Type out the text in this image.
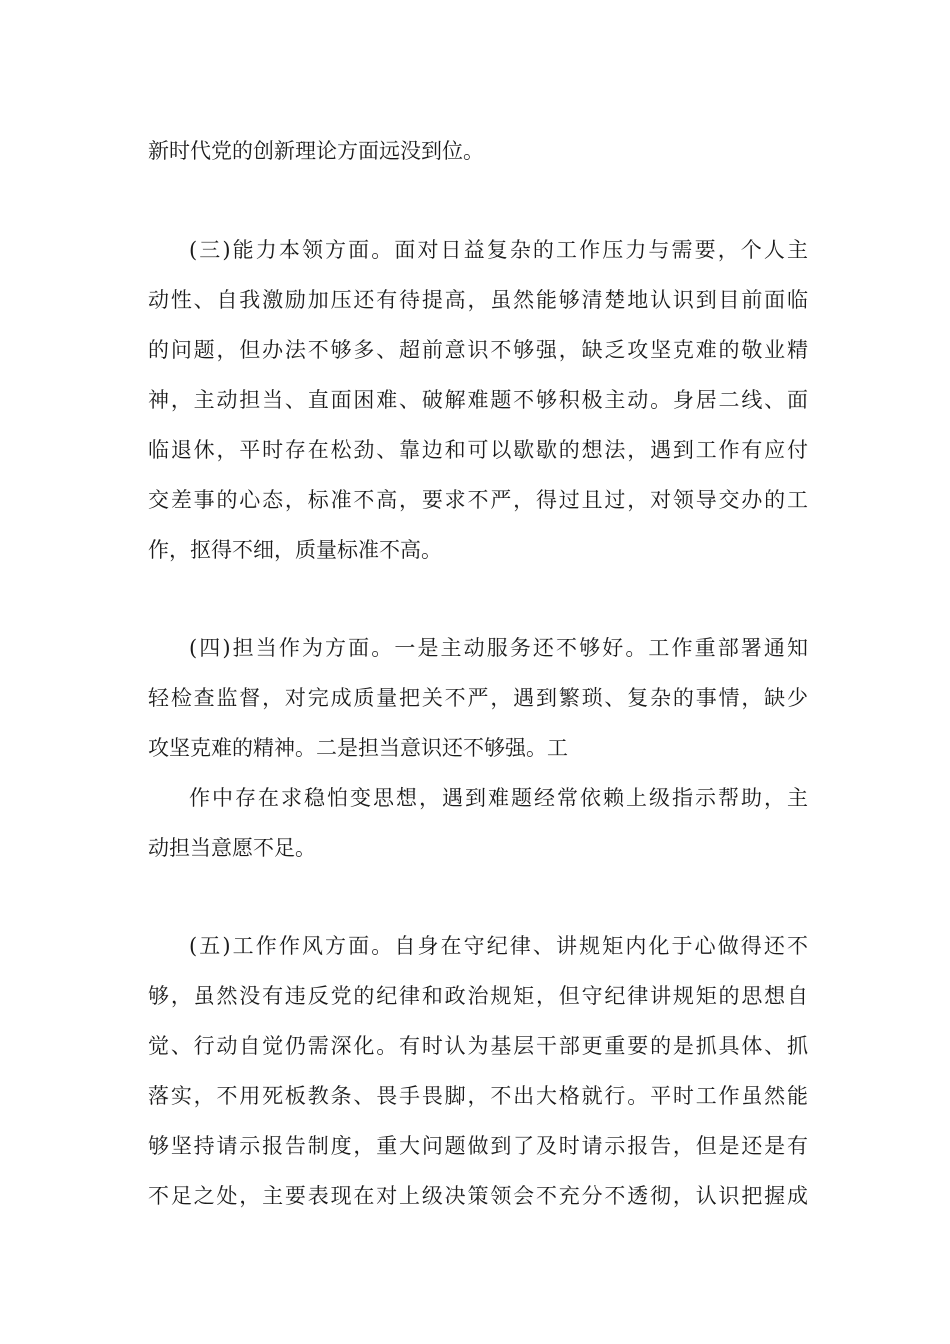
新时代党的创新理论方面远没到位。
(三)能力本领方面。面对日益复杂的工作压力与需要，个人主
动性、自我激励加压还有待提高，虽然能够清楚地认识到目前面临
的问题，但办法不够多、超前意识不够强，缺乏攻坚克难的敬业精
神，主动担当、直面困难、破解难题不够积极主动。身居二线、面
临退休，平时存在松劲、靠边和可以歇歇的想法，遇到工作有应付
交差事的心态，标准不高，要求不严，得过且过，对领导交办的工
作，抠得不细，质量标准不高。
(四)担当作为方面。一是主动服务还不够好。工作重部署通知
轻检查监督，对完成质量把关不严，遇到繁琐、复杂的事情，缺少
攻坚克难的精神。二是担当意识还不够强。工
作中存在求稳怕变思想，遇到难题经常依赖上级指示帮助，主
动担当意愿不足。
(五)工作作风方面。自身在守纪律、讲规矩内化于心做得还不
够，虽然没有违反党的纪律和政治规矩，但守纪律讲规矩的思想自
觉、行动自觉仍需深化。有时认为基层干部更重要的是抓具体、抓
落实，不用死板教条、畏手畏脚，不出大格就行。平时工作虽然能
够坚持请示报告制度，重大问题做到了及时请示报告，但是还是有
不足之处，主要表现在对上级决策领会不充分不透彻，认识把握成
